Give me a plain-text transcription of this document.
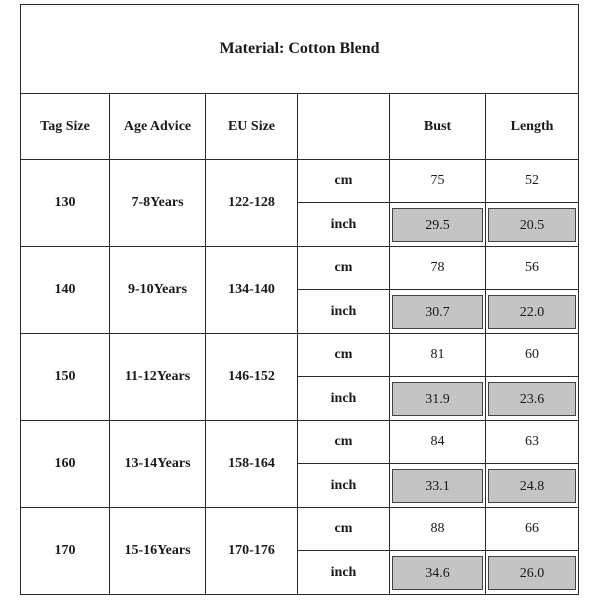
Material: Cotton Blend					
Tag Size	Age Advice	EU Size		Bust	Length
130	7-8Years	122-128	cm	75	52
			inch	29.5	20.5

140	9-10Years	134-140	cm	78	56
			inch	30.7	22.0

150	11-12Years	146-152	cm	81	60
			inch	31.9	23.6

160	13-14Years	158-164	cm	84	63
			inch	33.1	24.8

170	15-16Years	170-176	cm	88	66
			inch	34.6	26.0
